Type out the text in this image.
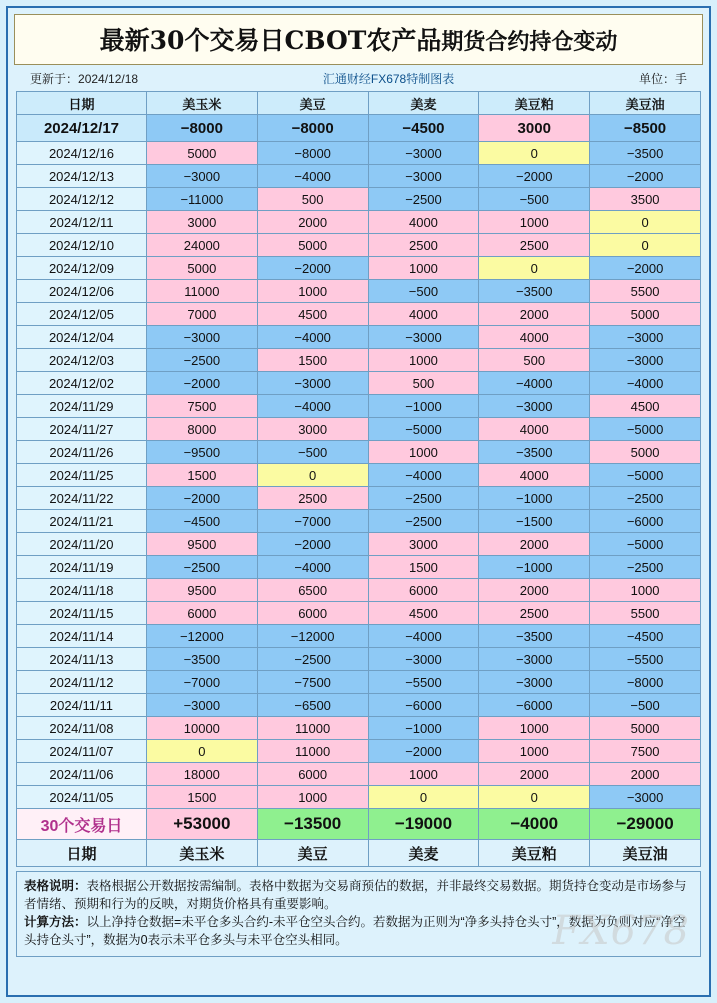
最新30个交易日CBOT农产品期货合约持仓变动
更新于：2024/12/18	汇通财经FX678特制图表	单位：手
日期	美玉米	美豆	美麦	美豆粕	美豆油
2024/12/17	−8000	−8000	−4500	3000	−8500
2024/12/16	5000	−8000	−3000	0	−3500
2024/12/13	−3000	−4000	−3000	−2000	−2000
2024/12/12	−11000	500	−2500	−500	3500
2024/12/11	3000	2000	4000	1000	0
2024/12/10	24000	5000	2500	2500	0
2024/12/09	5000	−2000	1000	0	−2000
2024/12/06	11000	1000	−500	−3500	5500
2024/12/05	7000	4500	4000	2000	5000
2024/12/04	−3000	−4000	−3000	4000	−3000
2024/12/03	−2500	1500	1000	500	−3000
2024/12/02	−2000	−3000	500	−4000	−4000
2024/11/29	7500	−4000	−1000	−3000	4500
2024/11/27	8000	3000	−5000	4000	−5000
2024/11/26	−9500	−500	1000	−3500	5000
2024/11/25	1500	0	−4000	4000	−5000
2024/11/22	−2000	2500	−2500	−1000	−2500
2024/11/21	−4500	−7000	−2500	−1500	−6000
2024/11/20	9500	−2000	3000	2000	−5000
2024/11/19	−2500	−4000	1500	−1000	−2500
2024/11/18	9500	6500	6000	2000	1000
2024/11/15	6000	6000	4500	2500	5500
2024/11/14	−12000	−12000	−4000	−3500	−4500
2024/11/13	−3500	−2500	−3000	−3000	−5500
2024/11/12	−7000	−7500	−5500	−3000	−8000
2024/11/11	−3000	−6500	−6000	−6000	−500
2024/11/08	10000	11000	−1000	1000	5000
2024/11/07	0	11000	−2000	1000	7500
2024/11/06	18000	6000	1000	2000	2000
2024/11/05	1500	1000	0	0	−3000
30个交易日	+53000	−13500	−19000	−4000	−29000
日期	美玉米	美豆	美麦	美豆粕	美豆油
表格说明：表格根据公开数据按需编制。表格中数据为交易商预估的数据，并非最终交易数据。期货持仓变动是市场参与者情绪、预期和行为的反映，对期货价格具有重要影响。
计算方法：以上净持仓数据=未平仓多头合约-未平仓空头合约。若数据为正则为“净多头持仓头寸”，数据为负则对应“净空头持仓头寸”，数据为0表示未平仓多头与未平仓空头相同。	FX678
